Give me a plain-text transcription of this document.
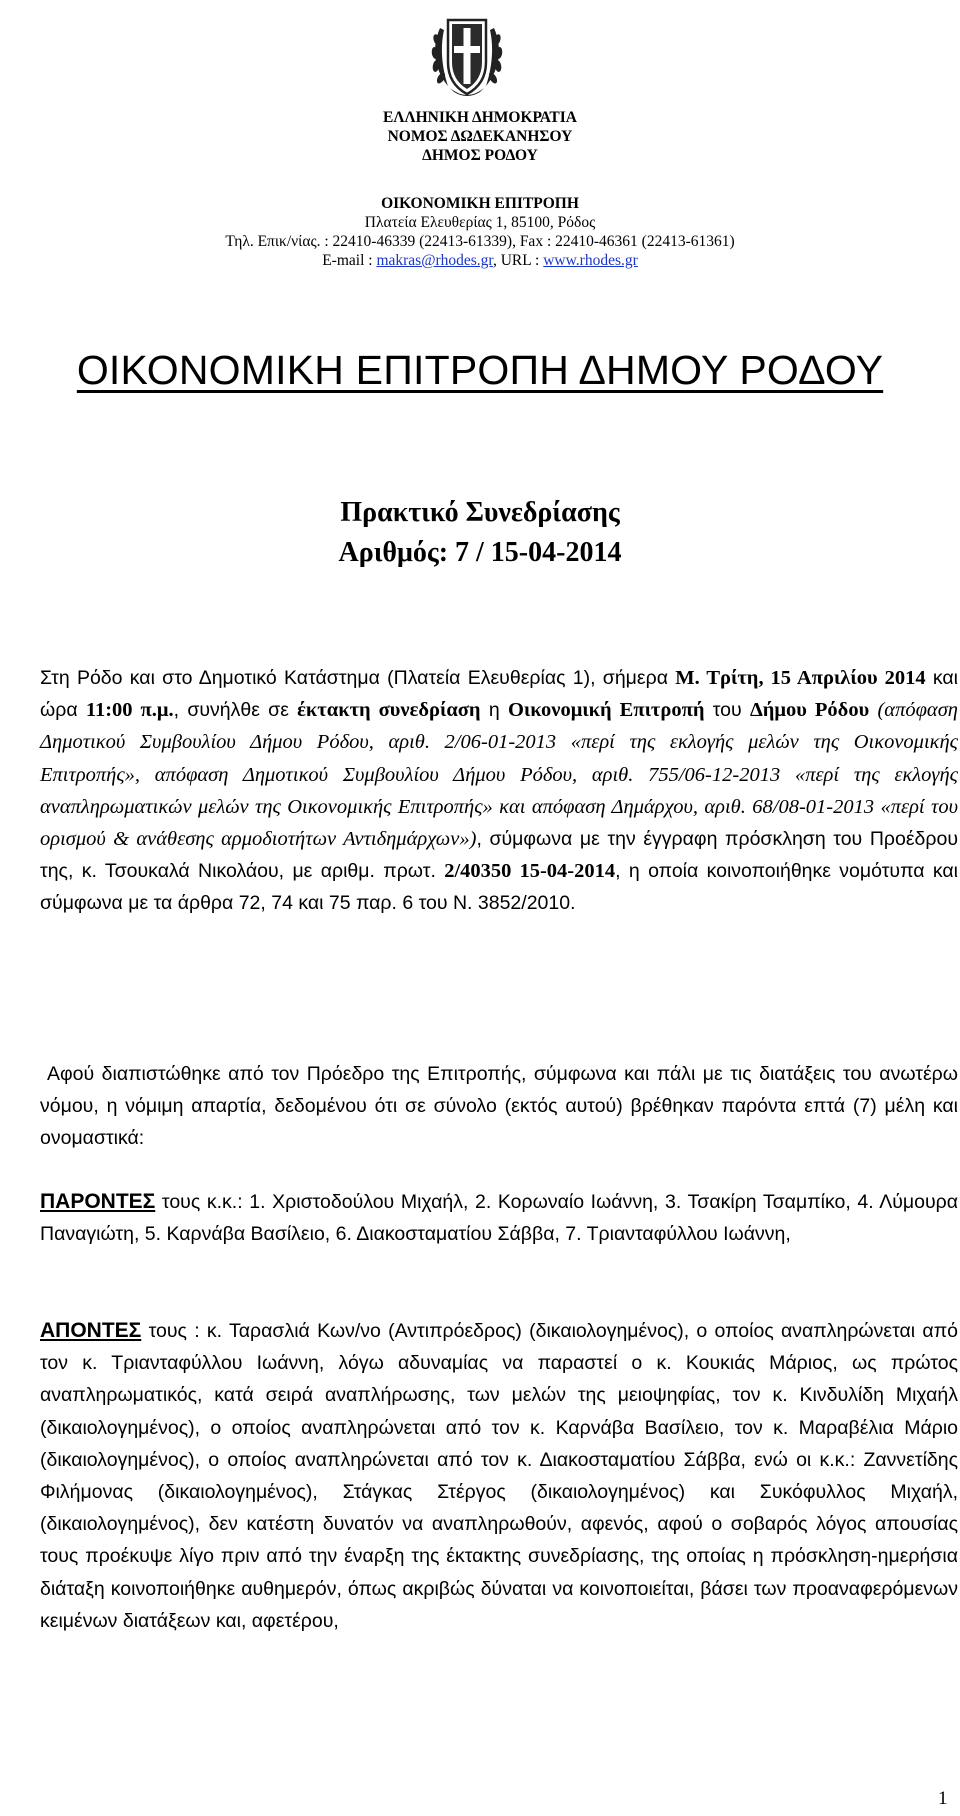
ΕΛΛΗΝΙΚΗ ΔΗΜΟΚΡΑΤΙΑ
ΝΟΜΟΣ ΔΩΔΕΚΑΝΗΣΟΥ
ΔΗΜΟΣ ΡΟΔΟΥ
ΟΙΚΟΝΟΜΙΚΗ ΕΠΙΤΡΟΠΗ
Πλατεία Ελευθερίας 1, 85100, Ρόδος
Τηλ. Επικ/νίας. : 22410-46339 (22413-61339), Fax : 22410-46361 (22413-61361)
E-mail : makras@rhodes.gr, URL : www.rhodes.gr
ΟΙΚΟΝΟΜΙΚΗ ΕΠΙΤΡΟΠΗ ΔΗΜΟΥ ΡΟΔΟΥ
Πρακτικό Συνεδρίασης
Αριθμός: 7 / 15-04-2014
Στη Ρόδο και στο Δημοτικό Κατάστημα (Πλατεία Ελευθερίας 1), σήμερα Μ. Τρίτη, 15 Απριλίου 2014 και ώρα 11:00 π.μ., συνήλθε σε έκτακτη συνεδρίαση η Οικονομική Επιτροπή του Δήμου Ρόδου (απόφαση Δημοτικού Συμβουλίου Δήμου Ρόδου, αριθ. 2/06-01-2013 «περί της εκλογής μελών της Οικονομικής Επιτροπής», απόφαση Δημοτικού Συμβουλίου Δήμου Ρόδου, αριθ. 755/06-12-2013 «περί της εκλογής αναπληρωματικών μελών της Οικονομικής Επιτροπής» και απόφαση Δημάρχου, αριθ. 68/08-01-2013 «περί του ορισμού & ανάθεσης αρμοδιοτήτων Αντιδημάρχων»), σύμφωνα με την έγγραφη πρόσκληση του Προέδρου της, κ. Τσουκαλά Νικολάου, με αριθμ. πρωτ. 2/40350 15-04-2014, η οποία κοινοποιήθηκε νομότυπα και σύμφωνα με τα άρθρα 72, 74 και 75 παρ. 6 του Ν. 3852/2010.
Αφού διαπιστώθηκε από τον Πρόεδρο της Επιτροπής, σύμφωνα και πάλι με τις διατάξεις του ανωτέρω νόμου, η νόμιμη απαρτία, δεδομένου ότι σε σύνολο (εκτός αυτού) βρέθηκαν παρόντα επτά (7) μέλη και ονομαστικά:
ΠΑΡΟΝΤΕΣ τους κ.κ.: 1. Χριστοδούλου Μιχαήλ, 2. Κορωναίο Ιωάννη, 3. Τσακίρη Τσαμπίκο, 4. Λύμουρα Παναγιώτη, 5. Καρνάβα Βασίλειο, 6. Διακοσταματίου Σάββα, 7. Τριανταφύλλου Ιωάννη,
ΑΠΟΝΤΕΣ τους : κ. Ταρασλιά Κων/νο (Αντιπρόεδρος) (δικαιολογημένος), ο οποίος αναπληρώνεται από τον κ. Τριανταφύλλου Ιωάννη, λόγω αδυναμίας να παραστεί ο κ. Κουκιάς Μάριος, ως πρώτος αναπληρωματικός, κατά σειρά αναπλήρωσης, των μελών της μειοψηφίας, τον κ. Κινδυλίδη Μιχαήλ (δικαιολογημένος), ο οποίος αναπληρώνεται από τον κ. Καρνάβα Βασίλειο, τον κ. Μαραβέλια Μάριο (δικαιολογημένος), ο οποίος αναπληρώνεται από τον κ. Διακοσταματίου Σάββα, ενώ οι κ.κ.: Ζαννετίδης Φιλήμονας (δικαιολογημένος), Στάγκας Στέργος (δικαιολογημένος) και Συκόφυλλος Μιχαήλ, (δικαιολογημένος), δεν κατέστη δυνατόν να αναπληρωθούν, αφενός, αφού ο σοβαρός λόγος απουσίας τους προέκυψε λίγο πριν από την έναρξη της έκτακτης συνεδρίασης, της οποίας η πρόσκληση-ημερήσια διάταξη κοινοποιήθηκε αυθημερόν, όπως ακριβώς δύναται να κοινοποιείται, βάσει των προαναφερόμενων κειμένων διατάξεων και, αφετέρου,
1
